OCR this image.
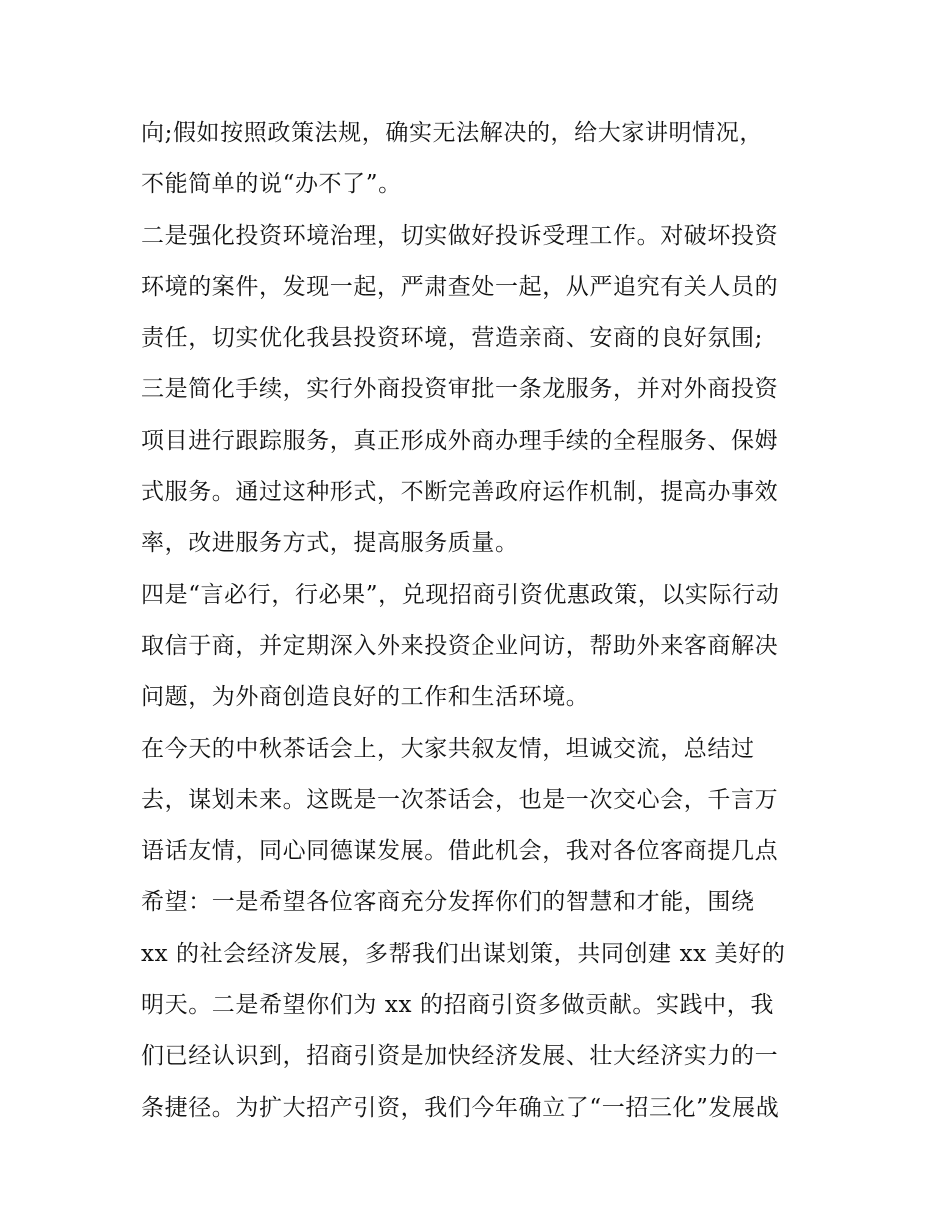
向;假如按照政策法规，确实无法解决的，给大家讲明情况，
不能简单的说“办不了”。
二是强化投资环境治理，切实做好投诉受理工作。对破坏投资
环境的案件，发现一起，严肃查处一起，从严追究有关人员的
责任，切实优化我县投资环境，营造亲商、安商的良好氛围;
三是简化手续，实行外商投资审批一条龙服务，并对外商投资
项目进行跟踪服务，真正形成外商办理手续的全程服务、保姆
式服务。通过这种形式，不断完善政府运作机制，提高办事效
率，改进服务方式，提高服务质量。
四是“言必行，行必果”，兑现招商引资优惠政策，以实际行动
取信于商，并定期深入外来投资企业问访，帮助外来客商解决
问题，为外商创造良好的工作和生活环境。
在今天的中秋茶话会上，大家共叙友情，坦诚交流，总结过
去，谋划未来。这既是一次茶话会，也是一次交心会，千言万
语话友情，同心同德谋发展。借此机会，我对各位客商提几点
希望：一是希望各位客商充分发挥你们的智慧和才能，围绕
xx 的社会经济发展，多帮我们出谋划策，共同创建 xx 美好的
明天。二是希望你们为 xx 的招商引资多做贡献。实践中，我
们已经认识到，招商引资是加快经济发展、壮大经济实力的一
条捷径。为扩大招产引资，我们今年确立了“一招三化”发展战
